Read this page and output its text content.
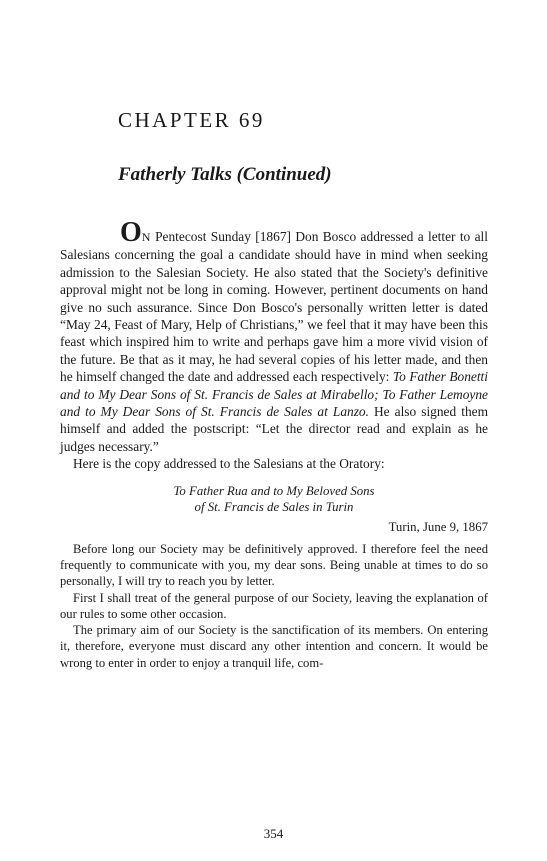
CHAPTER 69
Fatherly Talks (Continued)

ON Pentecost Sunday [1867] Don Bosco addressed a letter to all Salesians concerning the goal a candidate should have in mind when seeking admission to the Salesian Society. He also stated that the Society's definitive approval might not be long in coming. However, pertinent documents on hand give no such assurance. Since Don Bosco's personally written letter is dated “May 24, Feast of Mary, Help of Christians,” we feel that it may have been this feast which inspired him to write and perhaps gave him a more vivid vision of the future. Be that as it may, he had several copies of his letter made, and then he himself changed the date and addressed each respectively: To Father Bonetti and to My Dear Sons of St. Francis de Sales at Mirabello; To Father Lemoyne and to My Dear Sons of St. Francis de Sales at Lanzo. He also signed them himself and added the postscript: “Let the director read and explain as he judges necessary.”

Here is the copy addressed to the Salesians at the Oratory:

To Father Rua and to My Beloved Sons
of St. Francis de Sales in Turin
Turin, June 9, 1867

Before long our Society may be definitively approved. I therefore feel the need frequently to communicate with you, my dear sons. Being unable at times to do so personally, I will try to reach you by letter.

First I shall treat of the general purpose of our Society, leaving the explanation of our rules to some other occasion.

The primary aim of our Society is the sanctification of its members. On entering it, therefore, everyone must discard any other intention and concern. It would be wrong to enter in order to enjoy a tranquil life, com-

354
